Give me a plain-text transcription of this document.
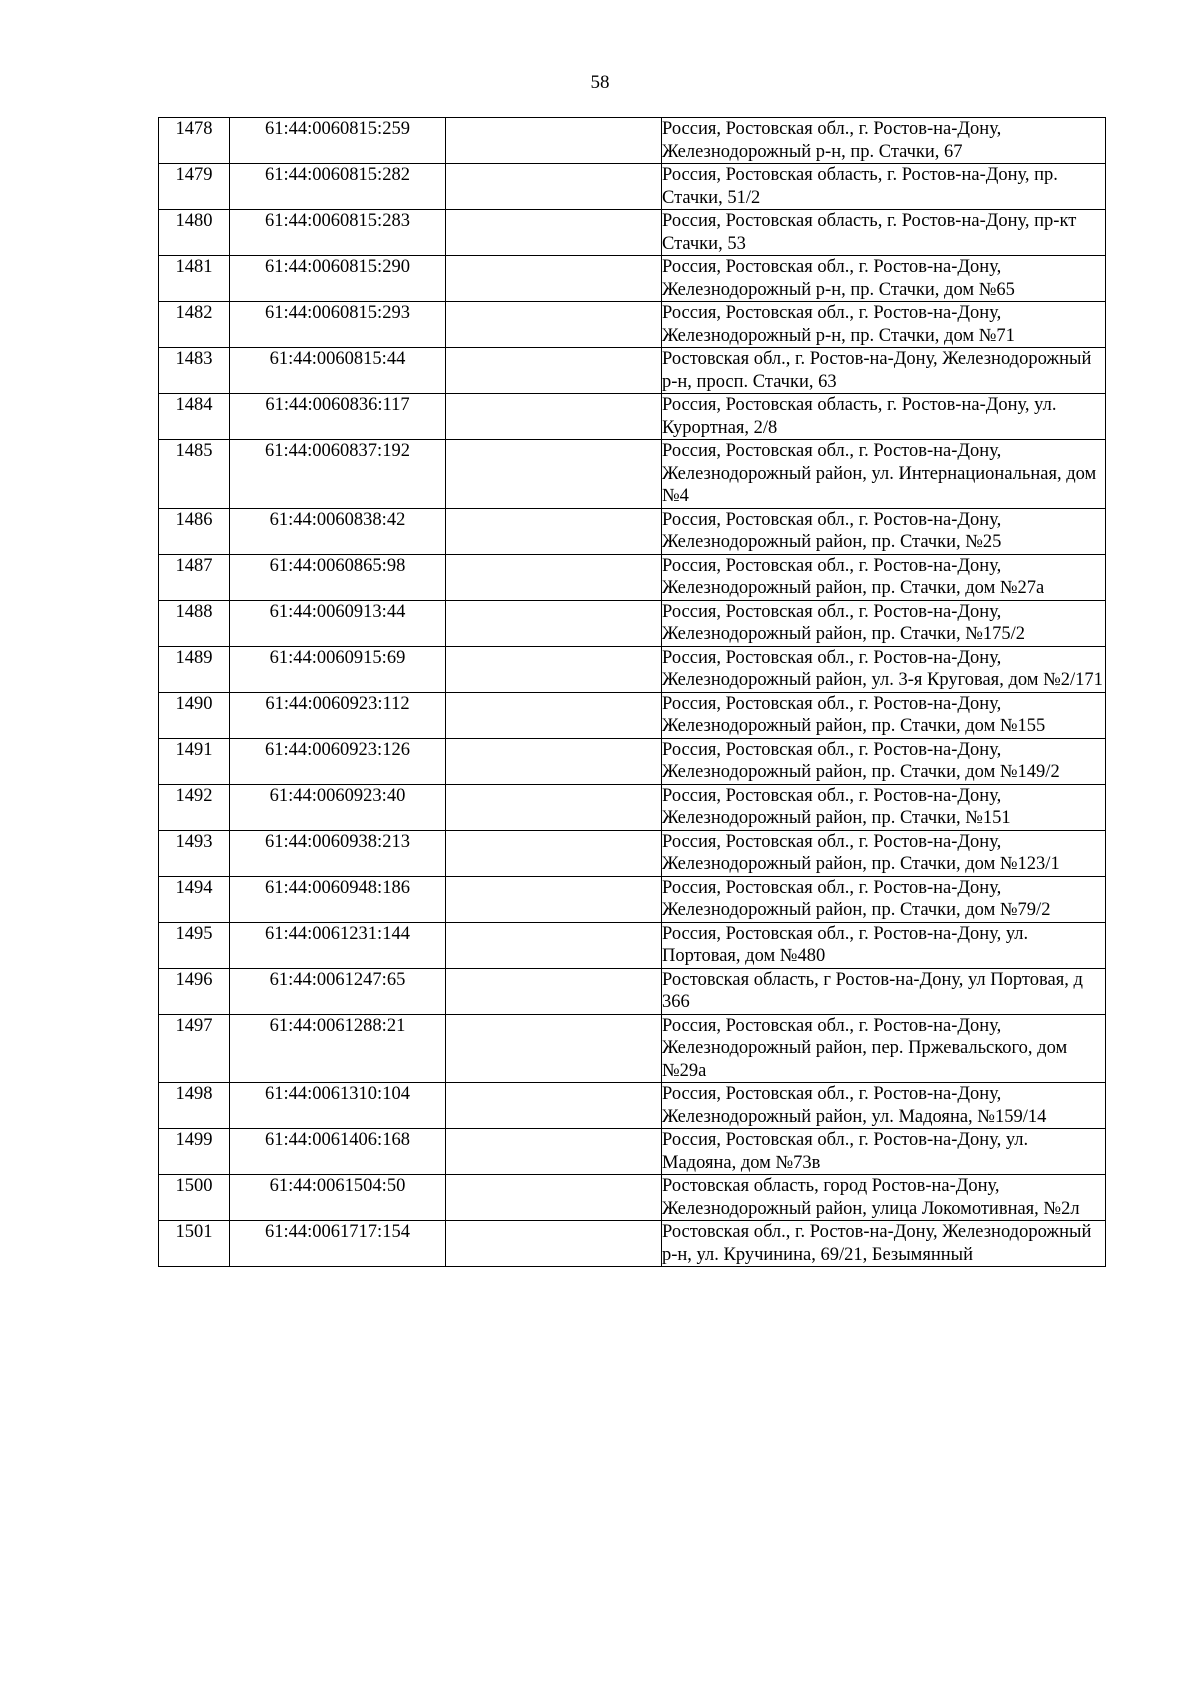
58
1478	61:44:0060815:259		Россия, Ростовская обл., г. Ростов-на-Дону, Железнодорожный р-н, пр. Стачки, 67
1479	61:44:0060815:282		Россия, Ростовская область, г. Ростов-на-Дону, пр. Стачки, 51/2
1480	61:44:0060815:283		Россия, Ростовская область, г. Ростов-на-Дону, пр-кт Стачки, 53
1481	61:44:0060815:290		Россия, Ростовская обл., г. Ростов-на-Дону, Железнодорожный р-н, пр. Стачки, дом №65
1482	61:44:0060815:293		Россия, Ростовская обл., г. Ростов-на-Дону, Железнодорожный р-н, пр. Стачки, дом №71
1483	61:44:0060815:44		Ростовская обл., г. Ростов-на-Дону, Железнодорожный р-н, просп. Стачки, 63
1484	61:44:0060836:117		Россия, Ростовская область, г. Ростов-на-Дону, ул. Курортная, 2/8
1485	61:44:0060837:192		Россия, Ростовская обл., г. Ростов-на-Дону, Железнодорожный район, ул. Интернациональная, дом №4
1486	61:44:0060838:42		Россия, Ростовская обл., г. Ростов-на-Дону, Железнодорожный район, пр. Стачки, №25
1487	61:44:0060865:98		Россия, Ростовская обл., г. Ростов-на-Дону, Железнодорожный район, пр. Стачки, дом №27а
1488	61:44:0060913:44		Россия, Ростовская обл., г. Ростов-на-Дону, Железнодорожный район, пр. Стачки, №175/2
1489	61:44:0060915:69		Россия, Ростовская обл., г. Ростов-на-Дону, Железнодорожный район, ул. 3-я Круговая, дом №2/171
1490	61:44:0060923:112		Россия, Ростовская обл., г. Ростов-на-Дону, Железнодорожный район, пр. Стачки, дом №155
1491	61:44:0060923:126		Россия, Ростовская обл., г. Ростов-на-Дону, Железнодорожный район, пр. Стачки, дом №149/2
1492	61:44:0060923:40		Россия, Ростовская обл., г. Ростов-на-Дону, Железнодорожный район, пр. Стачки, №151
1493	61:44:0060938:213		Россия, Ростовская обл., г. Ростов-на-Дону, Железнодорожный район, пр. Стачки, дом №123/1
1494	61:44:0060948:186		Россия, Ростовская обл., г. Ростов-на-Дону, Железнодорожный район, пр. Стачки, дом №79/2
1495	61:44:0061231:144		Россия, Ростовская обл., г. Ростов-на-Дону, ул. Портовая, дом №480
1496	61:44:0061247:65		Ростовская область, г Ростов-на-Дону, ул Портовая, д 366
1497	61:44:0061288:21		Россия, Ростовская обл., г. Ростов-на-Дону, Железнодорожный район, пер. Пржевальского, дом №29а
1498	61:44:0061310:104		Россия, Ростовская обл., г. Ростов-на-Дону, Железнодорожный район, ул. Мадояна, №159/14
1499	61:44:0061406:168		Россия, Ростовская обл., г. Ростов-на-Дону, ул. Мадояна, дом №73в
1500	61:44:0061504:50		Ростовская область, город Ростов-на-Дону, Железнодорожный район, улица Локомотивная, №2л
1501	61:44:0061717:154		Ростовская обл., г. Ростов-на-Дону, Железнодорожный р-н, ул. Кручинина, 69/21, Безымянный
